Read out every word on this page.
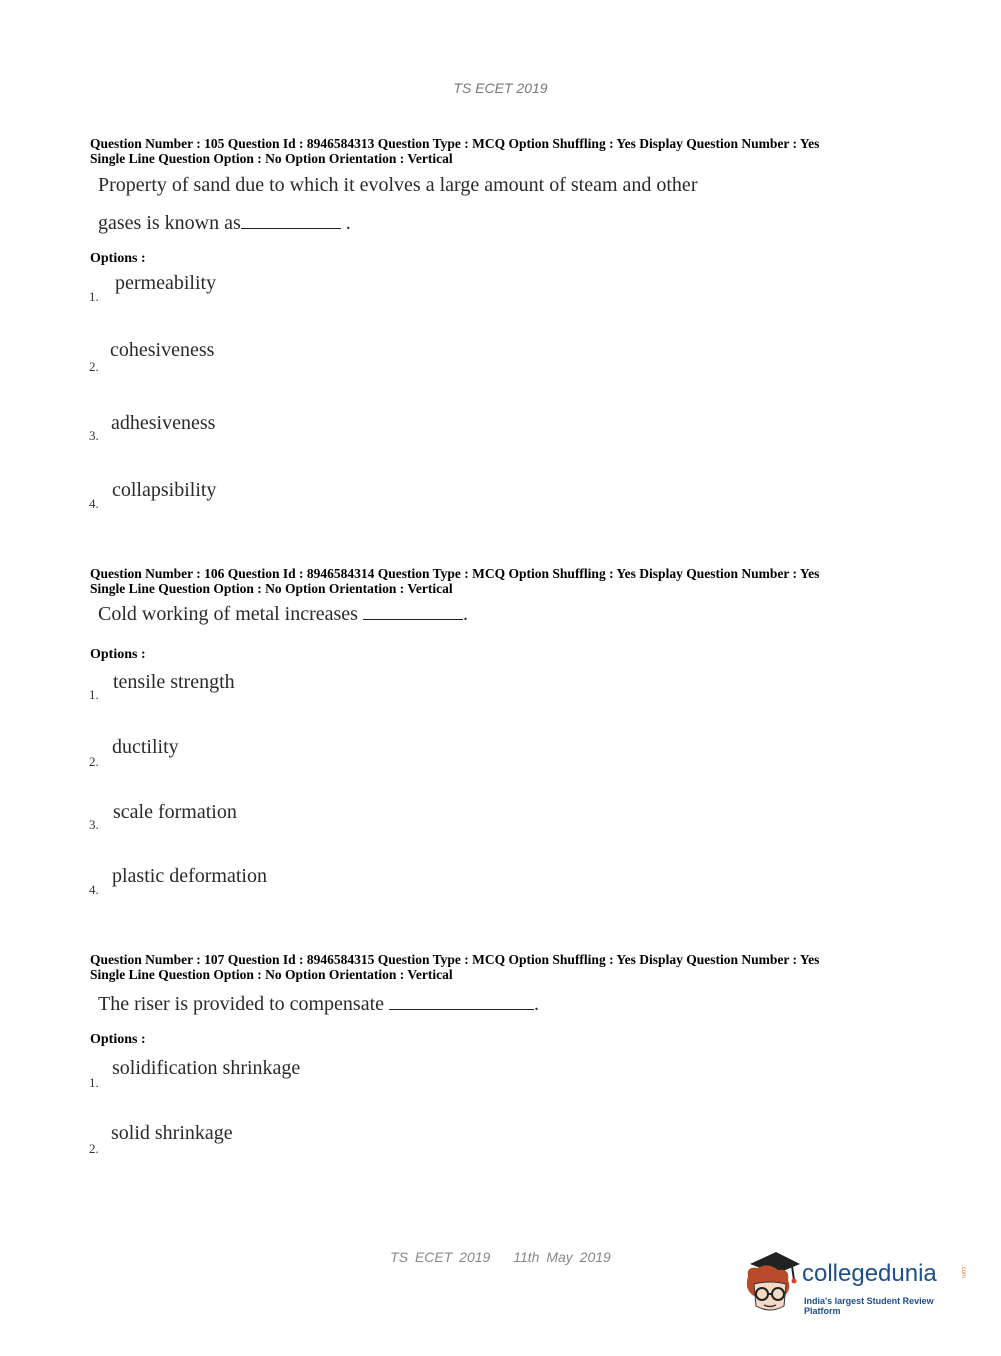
TS ECET 2019
Question Number : 105 Question Id : 8946584313 Question Type : MCQ Option Shuffling : Yes Display Question Number : Yes
Single Line Question Option : No Option Orientation : Vertical
Property of sand due to which it evolves a large amount of steam and other
gases is known as	.
Options :
1.
permeability
2.
cohesiveness
3.
adhesiveness
4.
collapsibility
Question Number : 106 Question Id : 8946584314 Question Type : MCQ Option Shuffling : Yes Display Question Number : Yes
Single Line Question Option : No Option Orientation : Vertical
Cold working of metal increases	.
Options :
1.
tensile strength
2.
ductility
3.
scale formation
4.
plastic deformation
Question Number : 107 Question Id : 8946584315 Question Type : MCQ Option Shuffling : Yes Display Question Number : Yes
Single Line Question Option : No Option Orientation : Vertical
The riser is provided to compensate	.
Options :
1.
solidification shrinkage
2.
solid shrinkage
TS ECET 2019 11th May 2019
collegedunia	.com
India's largest Student Review Platform
